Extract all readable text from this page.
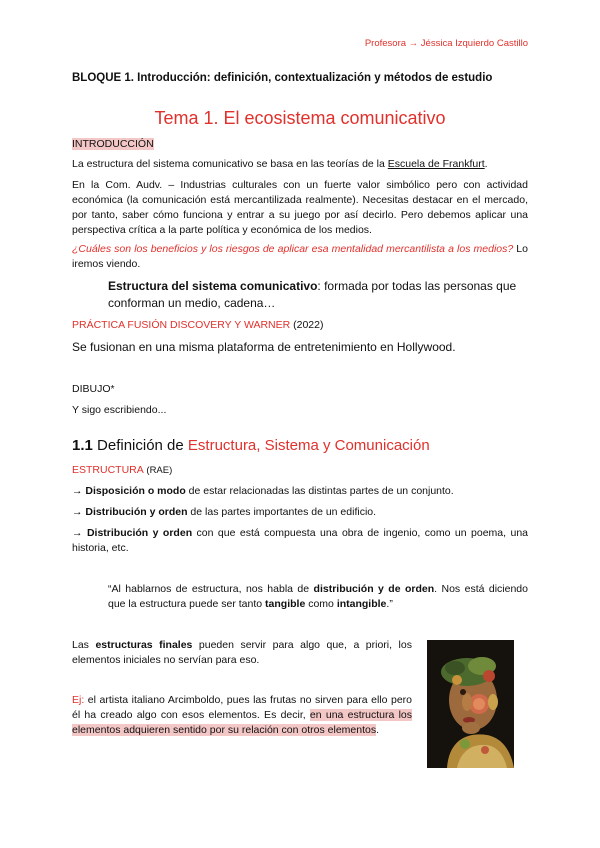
Profesora → Jéssica Izquierdo Castillo
BLOQUE 1. Introducción: definición, contextualización y métodos de estudio
Tema 1. El ecosistema comunicativo
INTRODUCCIÓN
La estructura del sistema comunicativo se basa en las teorías de la Escuela de Frankfurt.
En la Com. Audv. – Industrias culturales con un fuerte valor simbólico pero con actividad económica (la comunicación está mercantilizada realmente). Necesitas destacar en el mercado, por tanto, saber cómo funciona y entrar a su juego por así decirlo. Pero debemos aplicar una perspectiva crítica a la parte política y económica de los medios.
¿Cuáles son los beneficios y los riesgos de aplicar esa mentalidad mercantilista a los medios? Lo iremos viendo.
Estructura del sistema comunicativo: formada por todas las personas que conforman un medio, cadena…
PRÁCTICA FUSIÓN DISCOVERY Y WARNER (2022)
Se fusionan en una misma plataforma de entretenimiento en Hollywood.
DIBUJO*
Y sigo escribiendo...
1.1 Definición de Estructura, Sistema y Comunicación
ESTRUCTURA (RAE)
→ Disposición o modo de estar relacionadas las distintas partes de un conjunto.
→ Distribución y orden de las partes importantes de un edificio.
→ Distribución y orden con que está compuesta una obra de ingenio, como un poema, una historia, etc.
“Al hablarnos de estructura, nos habla de distribución y de orden. Nos está diciendo que la estructura puede ser tanto tangible como intangible.”
Las estructuras finales pueden servir para algo que, a priori, los elementos iniciales no servían para eso.
Ej: el artista italiano Arcimboldo, pues las frutas no sirven para ello pero él ha creado algo con esos elementos. Es decir, en una estructura los elementos adquieren sentido por su relación con otros elementos.
